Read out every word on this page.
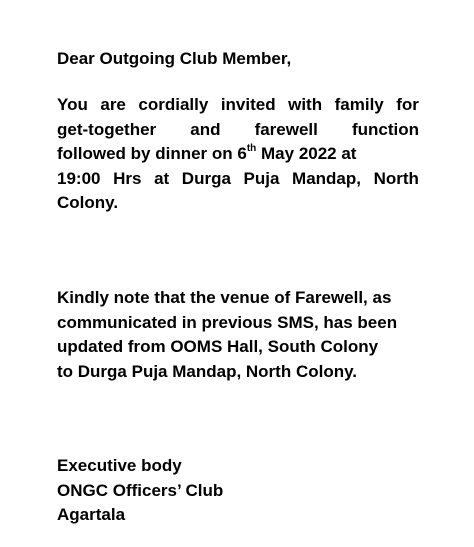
Dear Outgoing Club Member,
You are cordially invited with family for
get-together and farewell function
followed by dinner on 6th May 2022 at
19:00 Hrs at Durga Puja Mandap, North
Colony.
Kindly note that the venue of Farewell, as
communicated in previous SMS, has been
updated from OOMS Hall, South Colony
to Durga Puja Mandap, North Colony.
Executive body
ONGC Officers’ Club
Agartala
